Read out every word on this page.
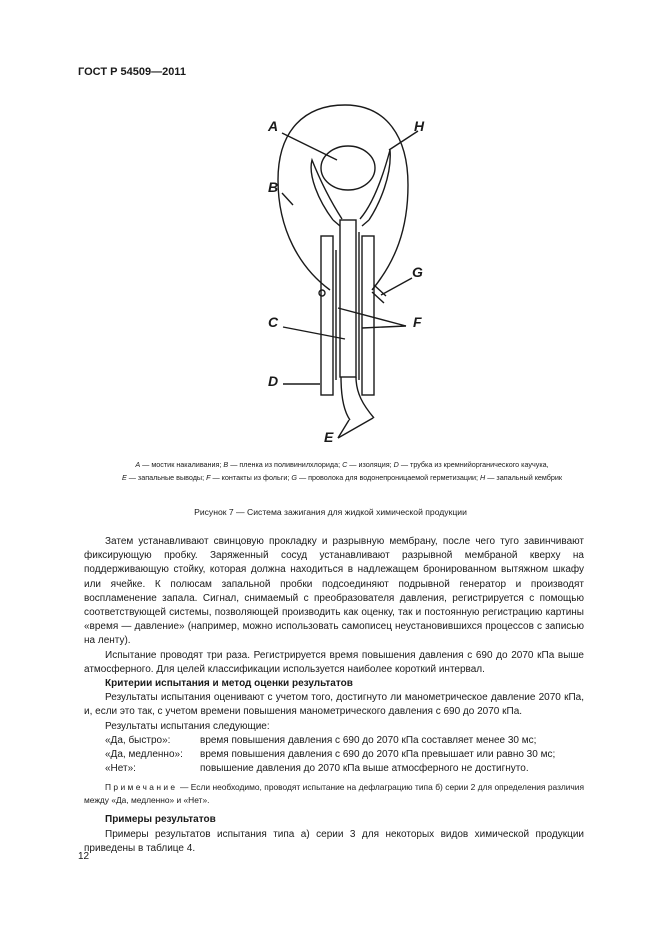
ГОСТ Р 54509—2011
A	H
B
G
C	F
D
E
A — мостик накаливания; B — пленка из поливинилхлорида; C — изоляция; D — трубка из кремнийорганического каучука,
E — запальные выводы; F — контакты из фольги; G — проволока для водонепроницаемой герметизации; H — запальный кембрик
Рисунок 7 — Система зажигания для жидкой химической продукции

Затем устанавливают свинцовую прокладку и разрывную мембрану, после чего туго завинчивают фиксирующую пробку. Заряженный сосуд устанавливают разрывной мембраной кверху на поддерживающую стойку, которая должна находиться в надлежащем бронированном вытяжном шкафу или ячейке. К полюсам запальной пробки подсоединяют подрывной генератор и производят воспламенение запала. Сигнал, снимаемый с преобразователя давления, регистрируется с помощью соответствующей системы, позволяющей производить как оценку, так и постоянную регистрацию картины «время — давление» (например, можно использовать самописец неустановившихся процессов с записью на ленту).

Испытание проводят три раза. Регистрируется время повышения давления с 690 до 2070 кПа выше атмосферного. Для целей классификации используется наиболее короткий интервал.

Критерии испытания и метод оценки результатов

Результаты испытания оценивают с учетом того, достигнуто ли манометрическое давление 2070 кПа, и, если это так, с учетом времени повышения манометрического давления с 690 до 2070 кПа.

Результаты испытания следующие:

«Да, быстро»:	время повышения давления с 690 до 2070 кПа составляет менее 30 мс;
«Да, медленно»:	время повышения давления с 690 до 2070 кПа превышает или равно 30 мс;
«Нет»:	повышение давления до 2070 кПа выше атмосферного не достигнуто.

Примечание — Если необходимо, проводят испытание на дефлаграцию типа б) серии 2 для определения различия между «Да, медленно» и «Нет».

Примеры результатов

Примеры результатов испытания типа а) серии 3 для некоторых видов химической продукции приведены в таблице 4.

12
